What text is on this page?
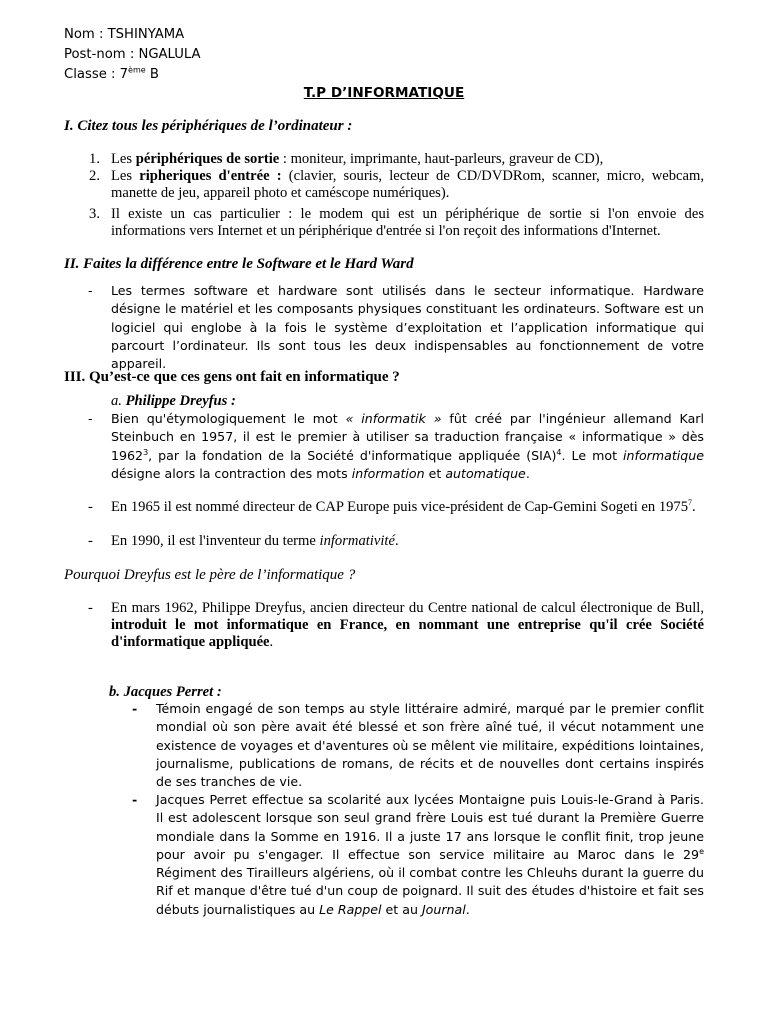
Nom : TSHINYAMA
Post-nom : NGALULA
Classe : 7ème B
T.P D’INFORMATIQUE
I. Citez tous les périphériques de l’ordinateur :
1. Les périphériques de sortie : moniteur, imprimante, haut-parleurs, graveur de CD),
2. Les ripheriques d'entrée : (clavier, souris, lecteur de CD/DVDRom, scanner, micro, webcam, manette de jeu, appareil photo et caméscope numériques).
3. Il existe un cas particulier : le modem qui est un périphérique de sortie si l'on envoie des informations vers Internet et un périphérique d'entrée si l'on reçoit des informations d'Internet.
II. Faites la différence entre le Software et le Hard Ward
- Les termes software et hardware sont utilisés dans le secteur informatique. Hardware désigne le matériel et les composants physiques constituant les ordinateurs. Software est un logiciel qui englobe à la fois le système d’exploitation et l’application informatique qui parcourt l’ordinateur. Ils sont tous les deux indispensables au fonctionnement de votre appareil.
III. Qu’est-ce que ces gens ont fait en informatique ?
a. Philippe Dreyfus :
- Bien qu'étymologiquement le mot « informatik » fût créé par l'ingénieur allemand Karl Steinbuch en 1957, il est le premier à utiliser sa traduction française « informatique » dès 1962$^3$, par la fondation de la Société d'informatique appliquée (SIA)$^4$. Le mot informatique désigne alors la contraction des mots information et automatique.
- En 1965 il est nommé directeur de CAP Europe puis vice-président de Cap-Gemini Sogeti en 1975$^7$.
- En 1990, il est l'inventeur du terme informativité.
Pourquoi Dreyfus est le père de l’informatique ?
- En mars 1962, Philippe Dreyfus, ancien directeur du Centre national de calcul électronique de Bull, introduit le mot informatique en France, en nommant une entreprise qu'il crée Société d'informatique appliquée.
b. Jacques Perret :
- Témoin engagé de son temps au style littéraire admiré, marqué par le premier conflit mondial où son père avait été blessé et son frère aîné tué, il vécut notamment une existence de voyages et d'aventures où se mêlent vie militaire, expéditions lointaines, journalisme, publications de romans, de récits et de nouvelles dont certains inspirés de ses tranches de vie.
- Jacques Perret effectue sa scolarité aux lycées Montaigne puis Louis-le-Grand à Paris. Il est adolescent lorsque son seul grand frère Louis est tué durant la Première Guerre mondiale dans la Somme en 1916. Il a juste 17 ans lorsque le conflit finit, trop jeune pour avoir pu s'engager. Il effectue son service militaire au Maroc dans le 29e Régiment des Tirailleurs algériens, où il combat contre les Chleuhs durant la guerre du Rif et manque d'être tué d'un coup de poignard. Il suit des études d'histoire et fait ses débuts journalistiques au Le Rappel et au Journal.
